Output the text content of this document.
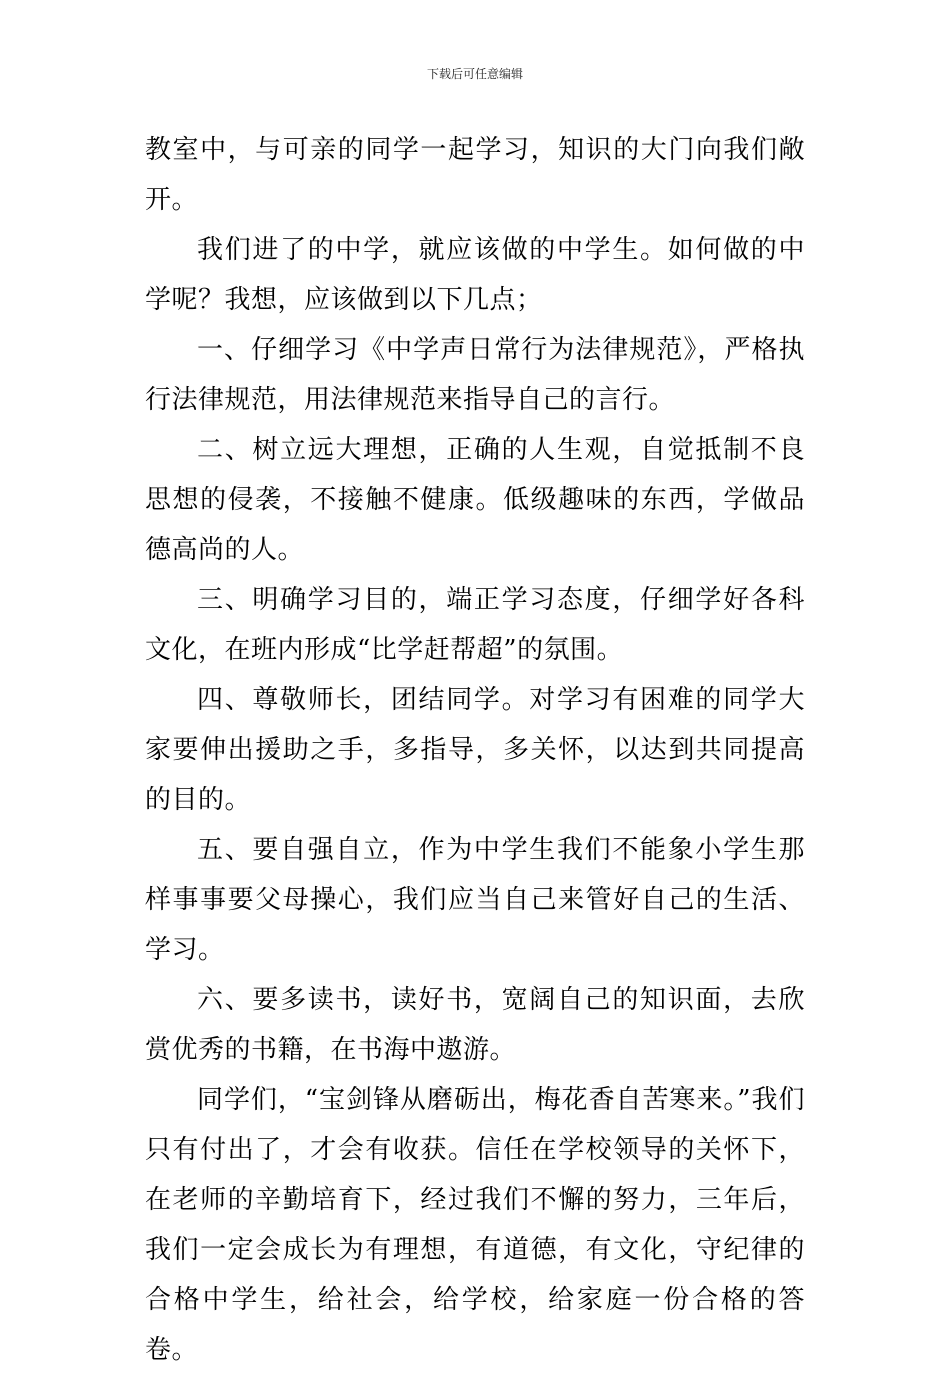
下载后可任意编辑

教室中，与可亲的同学一起学习，知识的大门向我们敞开。

我们进了的中学，就应该做的中学生。如何做的中学呢？我想，应该做到以下几点；

一、仔细学习《中学声日常行为法律规范》，严格执行法律规范，用法律规范来指导自己的言行。

二、树立远大理想，正确的人生观，自觉抵制不良思想的侵袭，不接触不健康。低级趣味的东西，学做品德高尚的人。

三、明确学习目的，端正学习态度，仔细学好各科文化，在班内形成“比学赶帮超”的氛围。

四、尊敬师长，团结同学。对学习有困难的同学大家要伸出援助之手，多指导，多关怀，以达到共同提高的目的。

五、要自强自立，作为中学生我们不能象小学生那样事事要父母操心，我们应当自己来管好自己的生活、学习。

六、要多读书，读好书，宽阔自己的知识面，去欣赏优秀的书籍，在书海中遨游。

同学们，“宝剑锋从磨砺出，梅花香自苦寒来。”我们只有付出了，才会有收获。信任在学校领导的关怀下，在老师的辛勤培育下，经过我们不懈的努力，三年后，我们一定会成长为有理想，有道德，有文化，守纪律的合格中学生，给社会，给学校，给家庭一份合格的答卷。
